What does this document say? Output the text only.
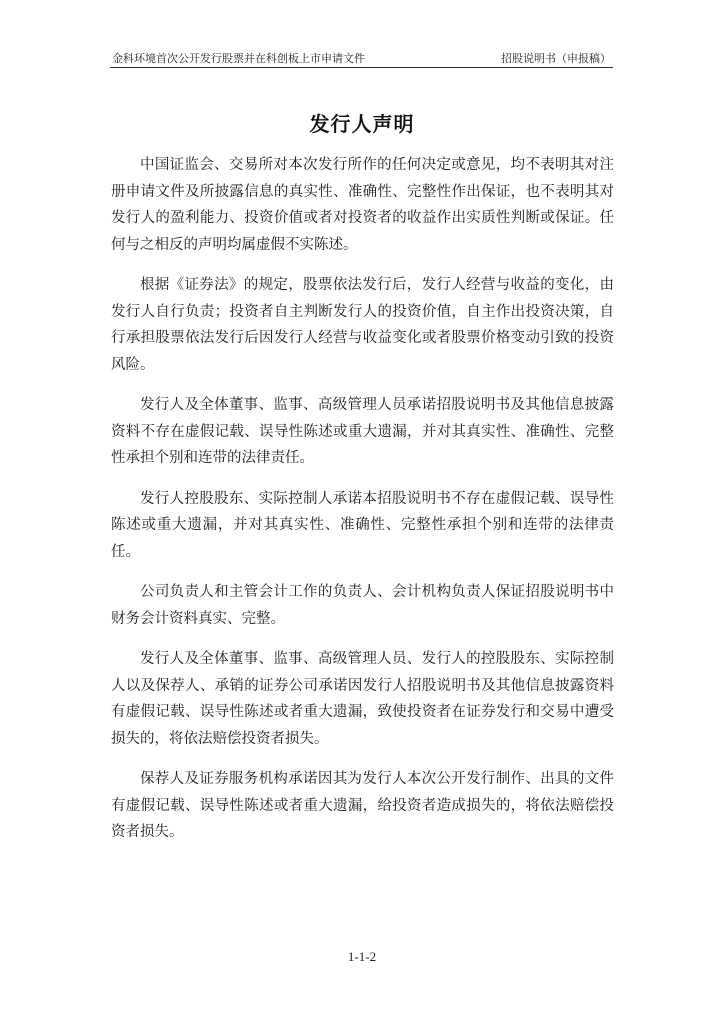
金科环境首次公开发行股票并在科创板上市申请文件	招股说明书（申报稿）
发行人声明

中国证监会、交易所对本次发行所作的任何决定或意见，均不表明其对注册申请文件及所披露信息的真实性、准确性、完整性作出保证，也不表明其对发行人的盈利能力、投资价值或者对投资者的收益作出实质性判断或保证。任何与之相反的声明均属虚假不实陈述。

根据《证券法》的规定，股票依法发行后，发行人经营与收益的变化，由发行人自行负责；投资者自主判断发行人的投资价值，自主作出投资决策，自行承担股票依法发行后因发行人经营与收益变化或者股票价格变动引致的投资风险。

发行人及全体董事、监事、高级管理人员承诺招股说明书及其他信息披露资料不存在虚假记载、误导性陈述或重大遗漏，并对其真实性、准确性、完整性承担个别和连带的法律责任。

发行人控股股东、实际控制人承诺本招股说明书不存在虚假记载、误导性陈述或重大遗漏，并对其真实性、准确性、完整性承担个别和连带的法律责任。

公司负责人和主管会计工作的负责人、会计机构负责人保证招股说明书中财务会计资料真实、完整。

发行人及全体董事、监事、高级管理人员、发行人的控股股东、实际控制人以及保荐人、承销的证券公司承诺因发行人招股说明书及其他信息披露资料有虚假记载、误导性陈述或者重大遗漏，致使投资者在证券发行和交易中遭受损失的，将依法赔偿投资者损失。

保荐人及证券服务机构承诺因其为发行人本次公开发行制作、出具的文件有虚假记载、误导性陈述或者重大遗漏，给投资者造成损失的，将依法赔偿投资者损失。

1-1-2
